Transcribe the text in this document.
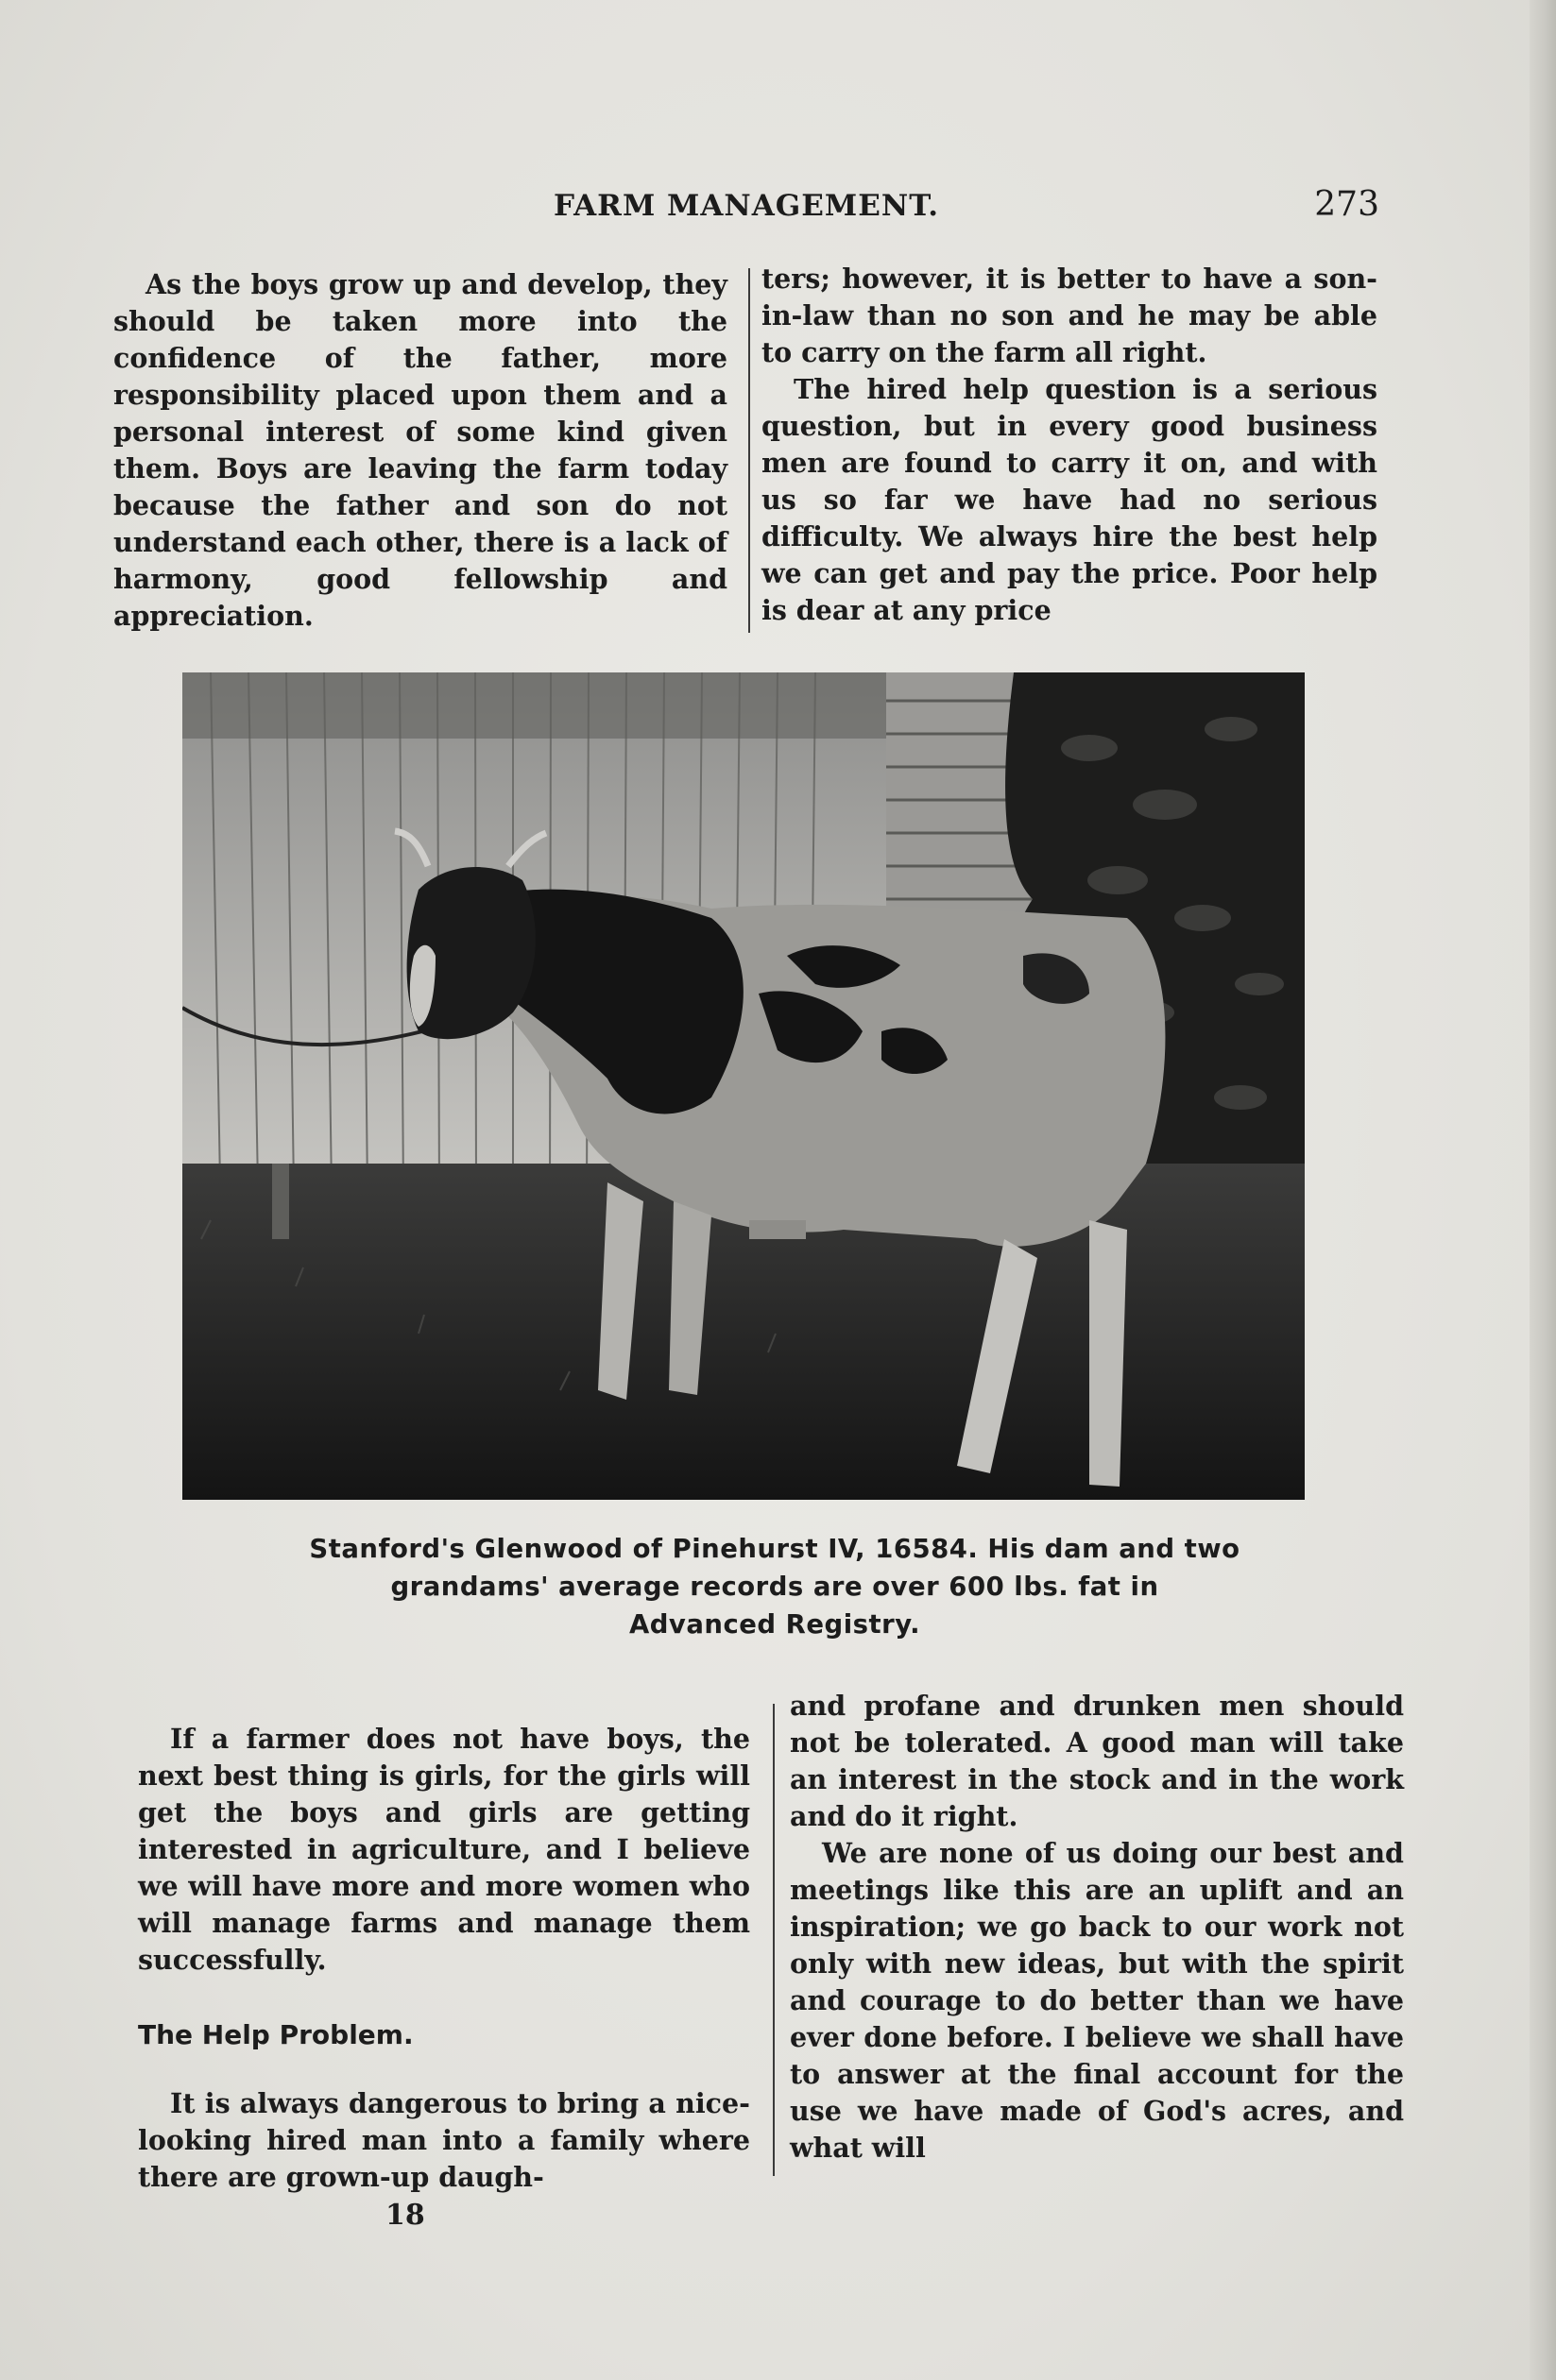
FARM MANAGEMENT.	273

As the boys grow up and develop, they should be taken more into the confidence of the father, more responsibility placed upon them and a personal interest of some kind given them. Boys are leaving the farm today because the father and son do not understand each other, there is a lack of harmony, good fellowship and appreciation.

ters; however, it is better to have a son-in-law than no son and he may be able to carry on the farm all right.

The hired help question is a serious question, but in every good business men are found to carry it on, and with us so far we have had no serious difficulty. We always hire the best help we can get and pay the price. Poor help is dear at any price

Stanford's Glenwood of Pinehurst IV, 16584. His dam and two
grandams' average records are over 600 lbs. fat in
Advanced Registry.

If a farmer does not have boys, the next best thing is girls, for the girls will get the boys and girls are getting interested in agriculture, and I believe we will have more and more women who will manage farms and manage them successfully.

The Help Problem.

It is always dangerous to bring a nice-looking hired man into a family where there are grown-up daugh-

and profane and drunken men should not be tolerated. A good man will take an interest in the stock and in the work and do it right.

We are none of us doing our best and meetings like this are an uplift and an inspiration; we go back to our work not only with new ideas, but with the spirit and courage to do better than we have ever done before. I believe we shall have to answer at the final account for the use we have made of God's acres, and what will

18
